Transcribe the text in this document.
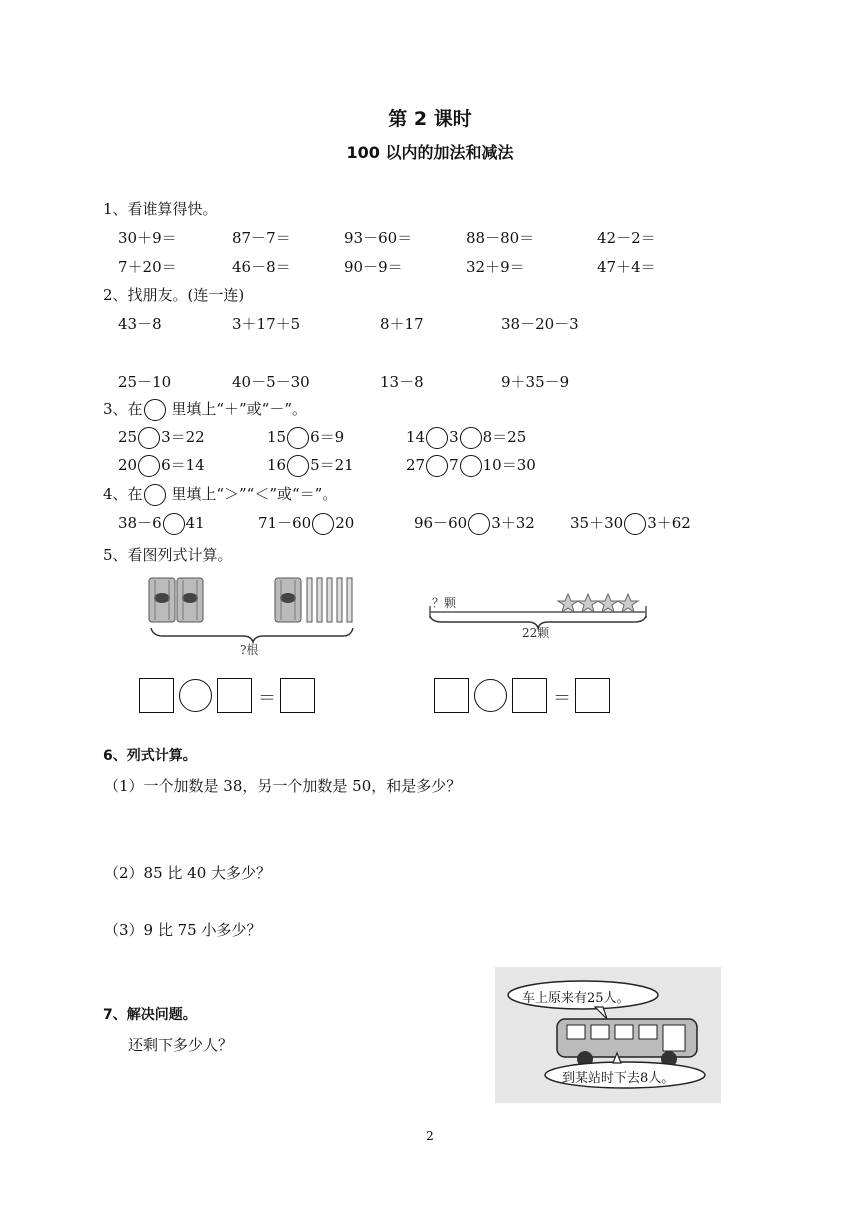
第 2 课时
100 以内的加法和减法
1、看谁算得快。
30＋9＝	87－7＝	93－60＝	88－80＝	42－2＝
7＋20＝	46－8＝	90－9＝	32＋9＝	47＋4＝
2、找朋友。(连一连)
43－8	3＋17＋5	8＋17	38－20－3
25－10	40－5－30	13－8	9＋35－9
3、在 里填上“＋”或“－”。
25 3＝22	15 6＝9	14 3 8＝25
20 6＝14	16 5＝21	27 7 10＝30
4、在 里填上“＞”“＜”或“＝”。
38－6 41	71－60 20	96－60 3＋32 35＋30 3＋62
5、看图列式计算。
?根
？颗
22颗
＝	＝
6、列式计算。
（1）一个加数是 38，另一个加数是 50，和是多少？
（2）85 比 40 大多少？
（3）9 比 75 小多少？
7、解决问题。
还剩下多少人？
车上原来有25人。
到某站时下去8人。
2
